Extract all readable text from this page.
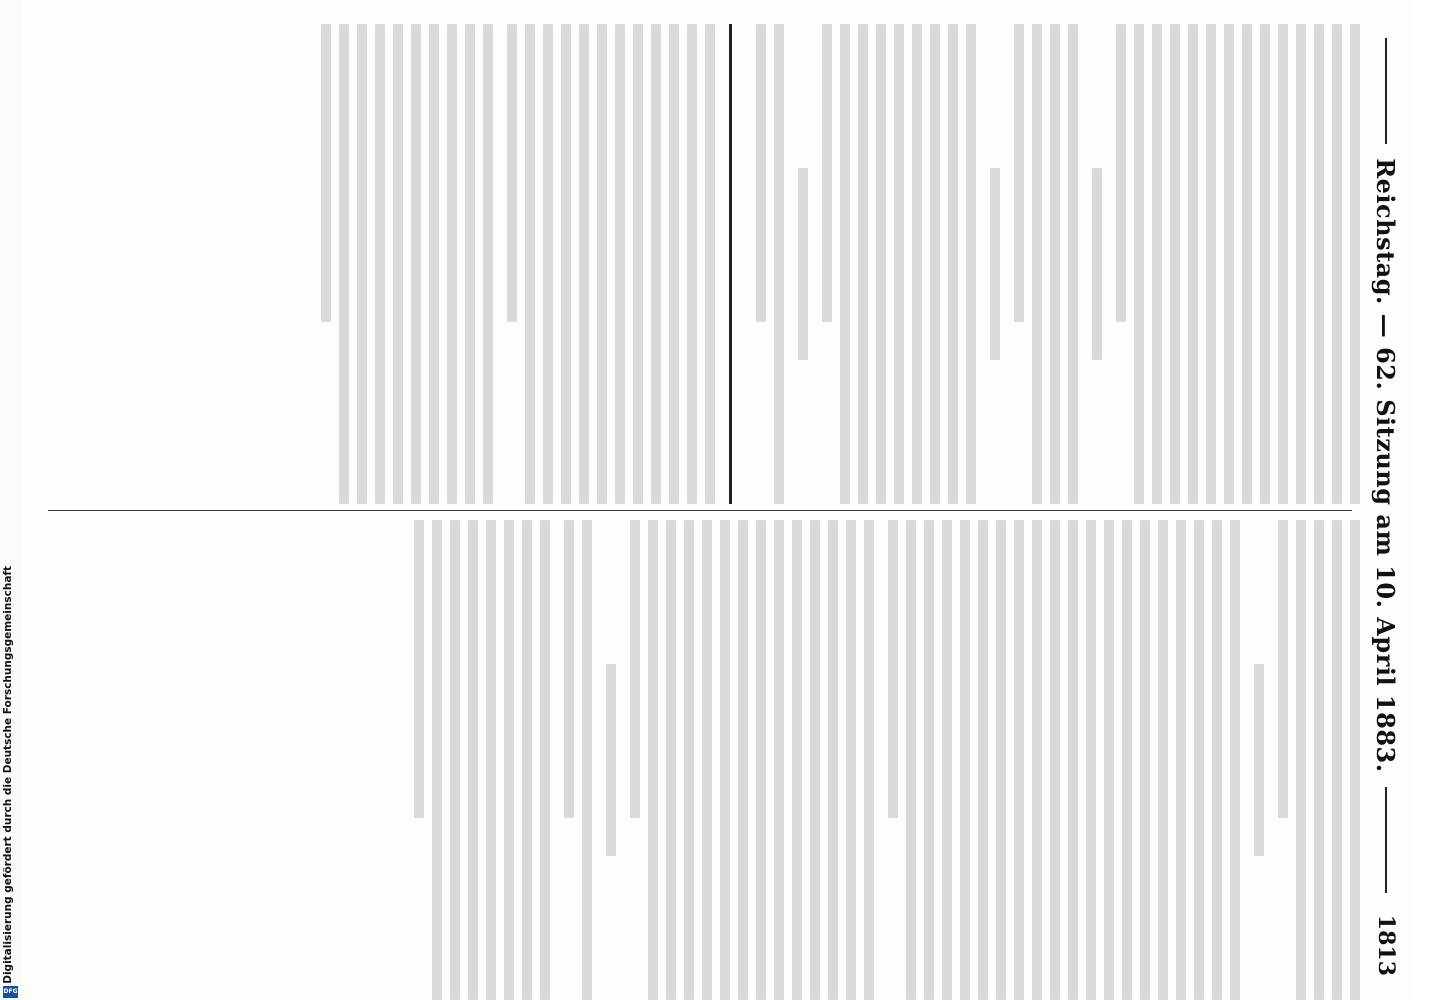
Digitalisierung gefördert durch die Deutsche Forschungsgemeinschaft
DFG
Reichstag. — 62. Sitzung am 10. April 1883.
1813
